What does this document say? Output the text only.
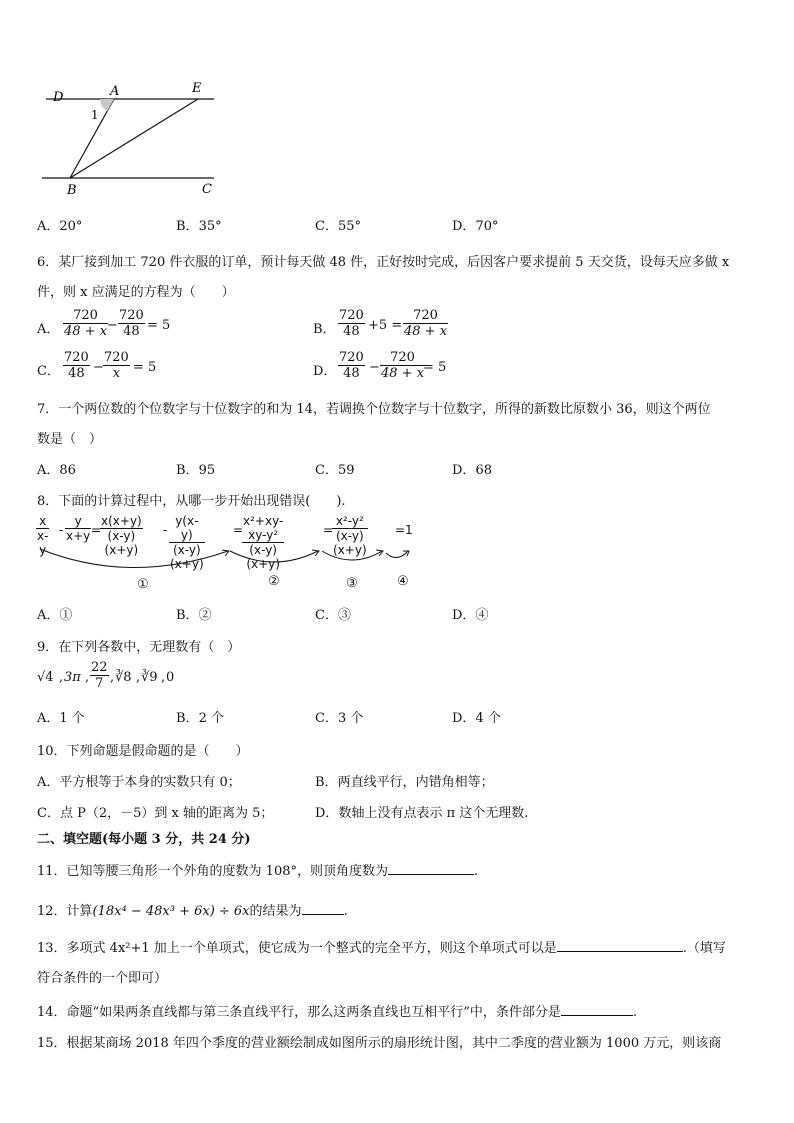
D	A	E
B	C
1
A．20°	B．35°	C．55°	D．70°
6．某厂接到加工 720 件衣服的订单，预计每天做 48 件，正好按时完成，后因客户要求提前 5 天交货，设每天应多做 x
件，则 x 应满足的方程为（　　）
A． $\frac{720}{48 + x}$
− $\frac{720}{48} = 5$	B． $\frac{720}{48} +5 = \frac{720}{48 + x}$
C． $\frac{720}{48} - \frac{720}{x} = 5$	D． $\frac{720}{48} - \frac{720}{48 + x}$
= 5
7．一个两位数的个位数字与十位数字的和为 14，若调换个位数字与十位数字，所得的新数比原数小 36，则这个两位
数是（　）
A．86	B．95	C．59	D．68
8．下面的计算过程中，从哪一步开始出现错误(　　).
$\frac{x}{x-y} - \frac{y}{x+y}$ =
$\frac{x(x+y)}{(x-y)(x+y)} - \frac{y(x-y)}{(x-y)(x+y)}$ =
$\frac{\text{x²+xy-xy-y²}}{(x-y)(x+y)}$	=
$\frac{\text{x²-y²}}{(x-y)(x+y)} =1$
①	②	③	④
A．①	B．②	C．③	D．④
9．在下列各数中，无理数有（　）
√4 , 3π , $\frac{22}{7}$ , ∛8 , ∛9 , 0
A．1 个	B．2 个	C．3 个	D．4 个
10．下列命题是假命题的是（　　）
A．平方根等于本身的实数只有 0；	B．两直线平行，内错角相等；
C．点 P（2，－5）到 x 轴的距离为 5；	D．数轴上没有点表示 π 这个无理数.
二、填空题(每小题 3 分，共 24 分)
11．已知等腰三角形一个外角的度数为 108°，则顶角度数为	.
12．计算(18x⁴ − 48x³ + 6x) ÷ 6x的结果为	.
13．多项式 4x²+1 加上一个单项式，使它成为一个整式的完全平方，则这个单项式可以是	.（填写
符合条件的一个即可）
14．命题“如果两条直线都与第三条直线平行，那么这两条直线也互相平行”中，条件部分是	.
15．根据某商场 2018 年四个季度的营业额绘制成如图所示的扇形统计图，其中二季度的营业额为 1000 万元，则该商
